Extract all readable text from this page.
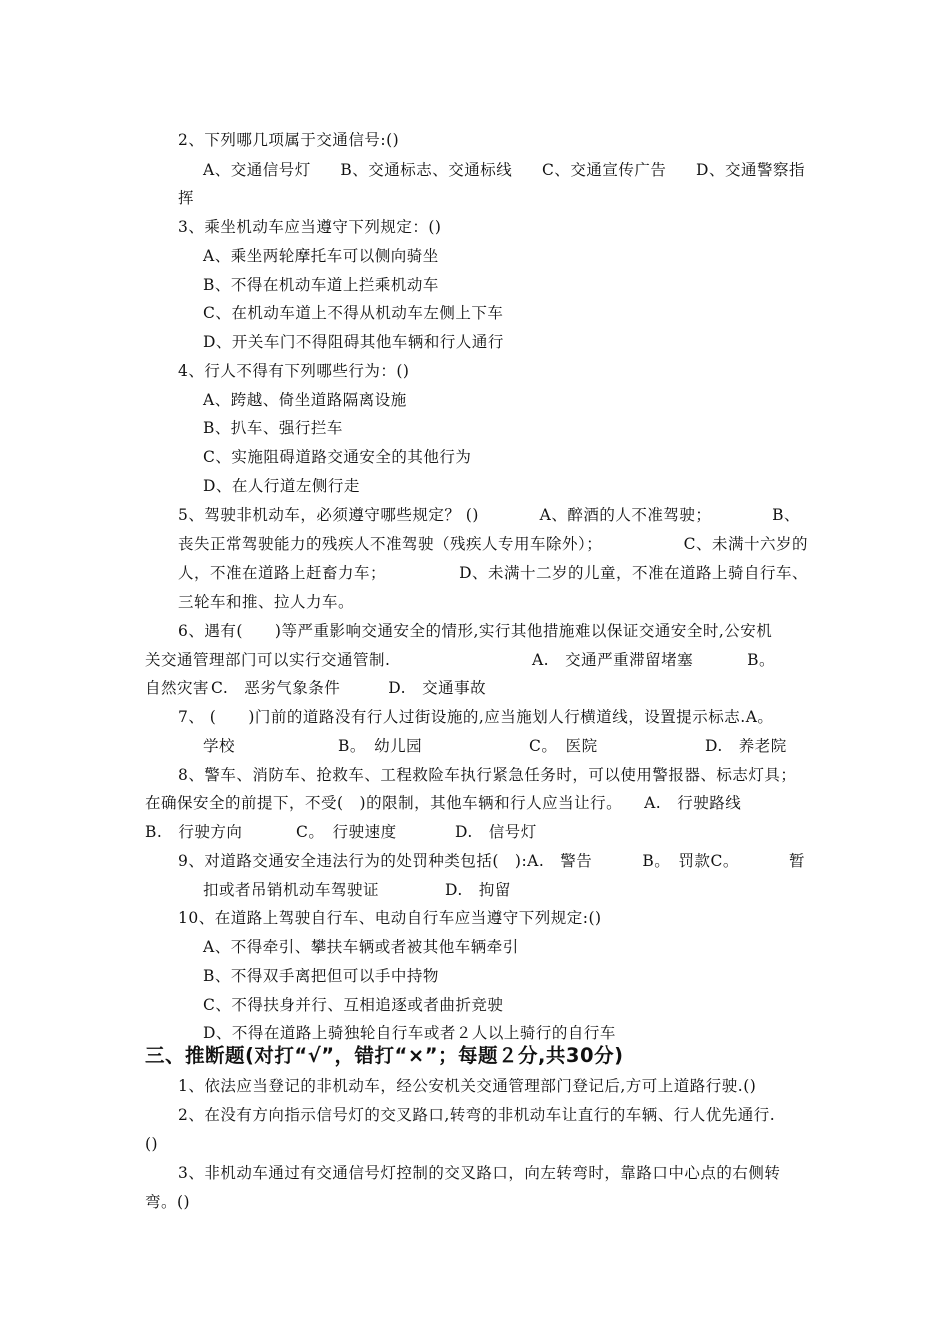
2、下列哪几项属于交通信号:()
A、交通信号灯 B、交通标志、交通标线 C、交通宣传广告 D、交通警察指
挥
3、乘坐机动车应当遵守下列规定：()
A、乘坐两轮摩托车可以侧向骑坐
B、不得在机动车道上拦乘机动车
C、在机动车道上不得从机动车左侧上下车
D、开关车门不得阻碍其他车辆和行人通行
4、行人不得有下列哪些行为：()
A、跨越、倚坐道路隔离设施
B、扒车、强行拦车
C、实施阻碍道路交通安全的其他行为
D、在人行道左侧行走
5、驾驶非机动车，必须遵守哪些规定？ ()	A、醉酒的人不准驾驶；	B、
丧失正常驾驶能力的残疾人不准驾驶（残疾人专用车除外）；	C、未满十六岁的
人，不准在道路上赶畜力车；	D、未满十二岁的儿童，不准在道路上骑自行车、
三轮车和推、拉人力车。
6、遇有(　　)等严重影响交通安全的情形,实行其他措施难以保证交通安全时,公安机
关交通管理部门可以实行交通管制.	A.　交通严重滞留堵塞	B。
自然灾害 C.　恶劣气象条件	D.　交通事故
7、 (　　)门前的道路没有行人过街设施的,应当施划人行横道线，设置提示标志.A。
学校	B。　幼儿园	C。　医院	D.　养老院
8、警车、消防车、抢救车、工程救险车执行紧急任务时，可以使用警报器、标志灯具；
在确保安全的前提下，不受(　)的限制，其他车辆和行人应当让行。 A.　行驶路线
B.　行驶方向	C。　行驶速度	D.　信号灯
9、对道路交通安全违法行为的处罚种类包括(　):A.　警告	B。　罚款C。	暂
扣或者吊销机动车驾驶证	D.　拘留
10、在道路上驾驶自行车、电动自行车应当遵守下列规定:()
A、不得牵引、攀扶车辆或者被其他车辆牵引
B、不得双手离把但可以手中持物
C、不得扶身并行、互相追逐或者曲折竞驶
D、不得在道路上骑独轮自行车或者２人以上骑行的自行车
三、推断题(对打“√”，错打“×”；每题２分,共30分)
1、依法应当登记的非机动车，经公安机关交通管理部门登记后,方可上道路行驶.()
2、在没有方向指示信号灯的交叉路口,转弯的非机动车让直行的车辆、行人优先通行.
()
3、非机动车通过有交通信号灯控制的交叉路口，向左转弯时，靠路口中心点的右侧转
弯。()
